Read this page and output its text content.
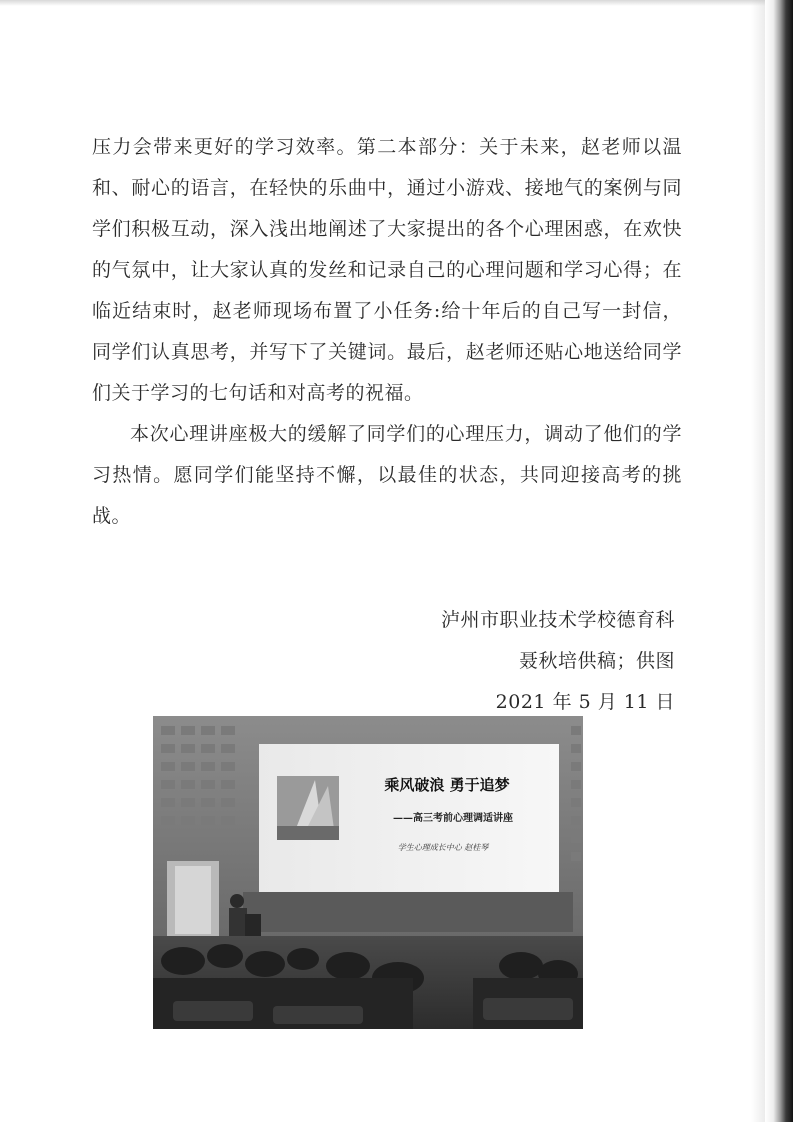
压力会带来更好的学习效率。第二本部分：关于未来，赵老师以温和、耐心的语言，在轻快的乐曲中，通过小游戏、接地气的案例与同学们积极互动，深入浅出地阐述了大家提出的各个心理困惑，在欢快的气氛中，让大家认真的发丝和记录自己的心理问题和学习心得；在临近结束时，赵老师现场布置了小任务:给十年后的自己写一封信，同学们认真思考，并写下了关键词。最后，赵老师还贴心地送给同学们关于学习的七句话和对高考的祝福。

本次心理讲座极大的缓解了同学们的心理压力，调动了他们的学习热情。愿同学们能坚持不懈，以最佳的状态，共同迎接高考的挑战。

泸州市职业技术学校德育科
聂秋培供稿；供图
2021 年 5 月 11 日
乘风破浪 勇于追梦
——高三考前心理调适讲座
学生心理成长中心 赵桂琴
